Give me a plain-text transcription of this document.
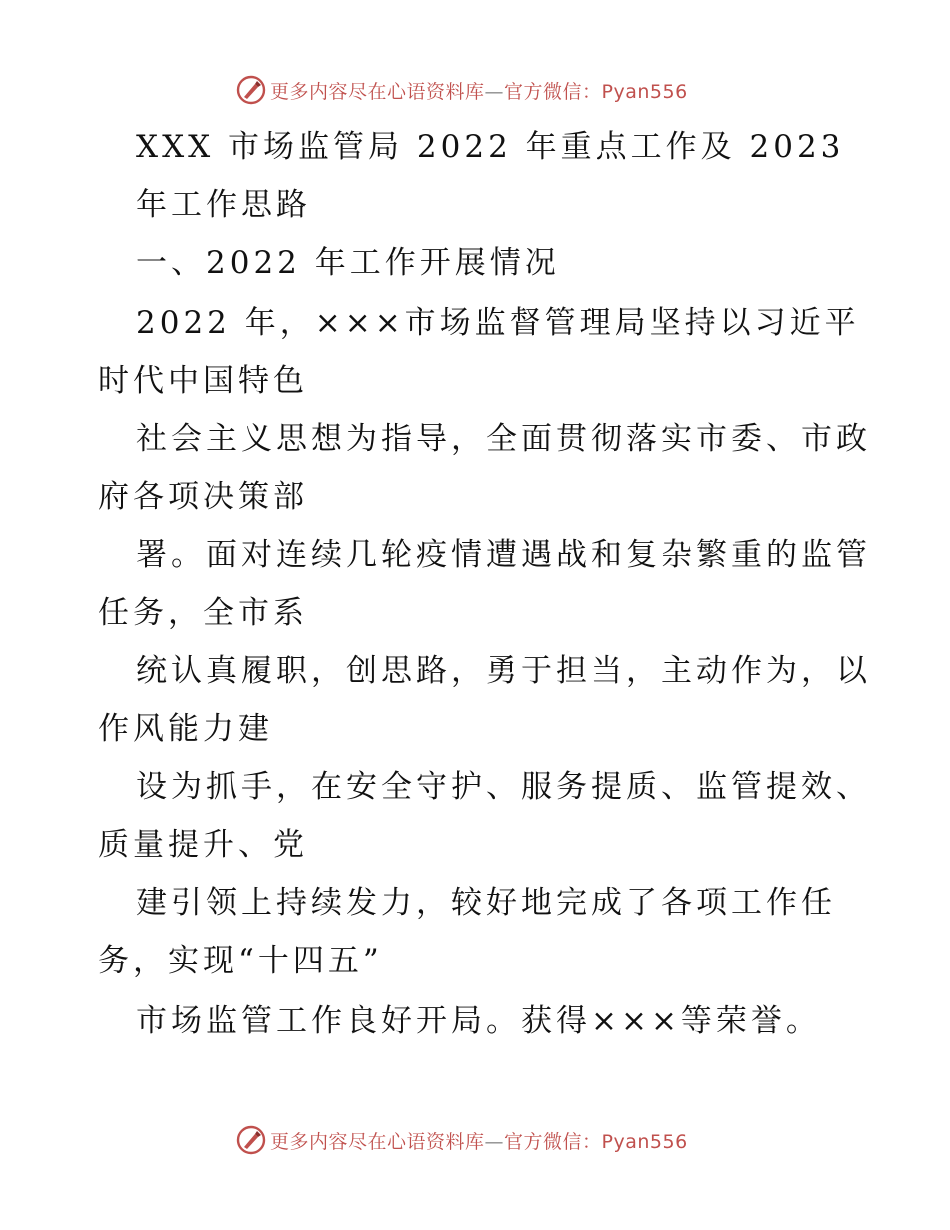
更多内容尽在心语资料库—官方微信：Pyan556
XXX 市场监管局 2022 年重点工作及 2023
年工作思路
一、2022 年工作开展情况
2022 年，×××市场监督管理局坚持以习近平
时代中国特色
社会主义思想为指导，全面贯彻落实市委、市政
府各项决策部
署。面对连续几轮疫情遭遇战和复杂繁重的监管
任务，全市系
统认真履职，创思路，勇于担当，主动作为，以
作风能力建
设为抓手，在安全守护、服务提质、监管提效、
质量提升、党
建引领上持续发力，较好地完成了各项工作任
务，实现“十四五”
市场监管工作良好开局。获得×××等荣誉。
更多内容尽在心语资料库—官方微信：Pyan556
